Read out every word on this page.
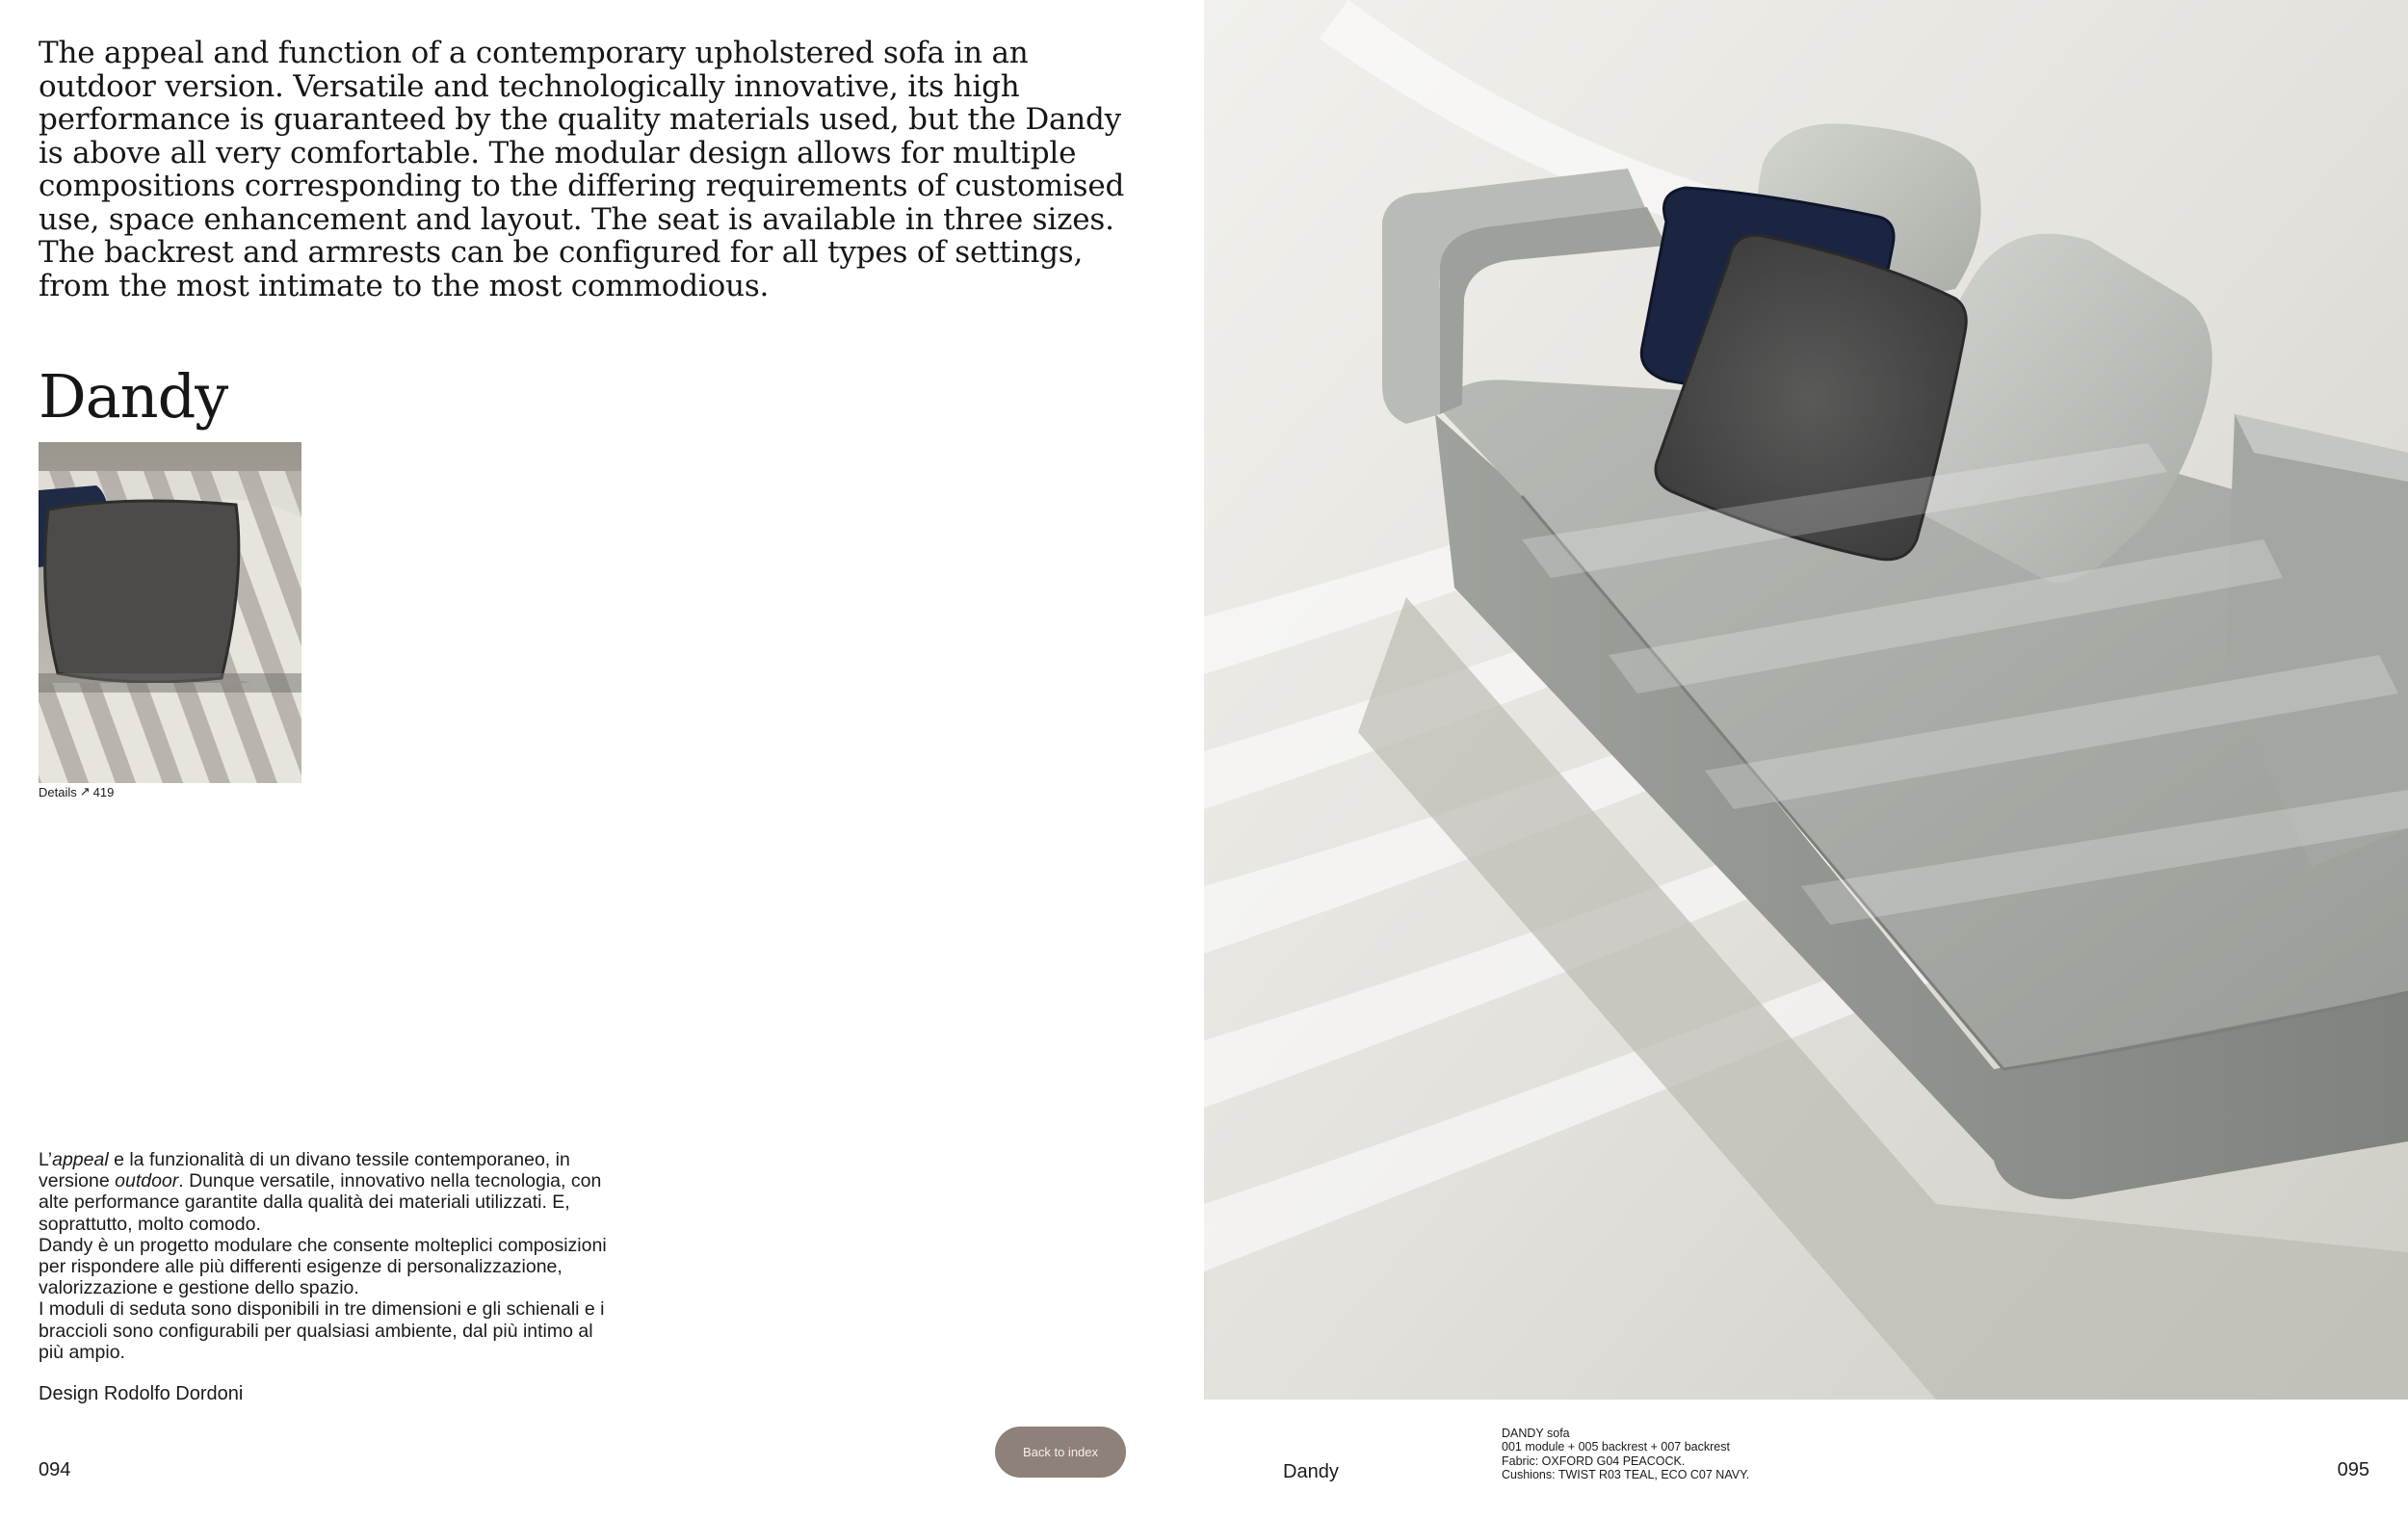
The appeal and function of a contemporary upholstered sofa in an outdoor version. Versatile and technologically innovative, its high performance is guaranteed by the quality materials used, but the Dandy is above all very comfortable. The modular design allows for multiple compositions corresponding to the differing requirements of customised use, space enhancement and layout. The seat is available in three sizes. The backrest and armrests can be configured for all types of settings, from the most intimate to the most commodious.
Dandy
Details ↗ 419

L’appeal e la funzionalità di un divano tessile contemporaneo, in versione outdoor. Dunque versatile, innovativo nella tecnologia, con alte performance garantite dalla qualità dei materiali utilizzati. E, soprattutto, molto comodo.

Dandy è un progetto modulare che consente molteplici composizioni per rispondere alle più differenti esigenze di personalizzazione, valorizzazione e gestione dello spazio.

I moduli di seduta sono disponibili in tre dimensioni e gli schienali e i braccioli sono configurabili per qualsiasi ambiente, dal più intimo al più ampio.

Design Rodolfo Dordoni
094
Back to index
Dandy
DANDY sofa
001 module + 005 backrest + 007 backrest
Fabric: OXFORD G04 PEACOCK.
Cushions: TWIST R03 TEAL, ECO C07 NAVY.	095
